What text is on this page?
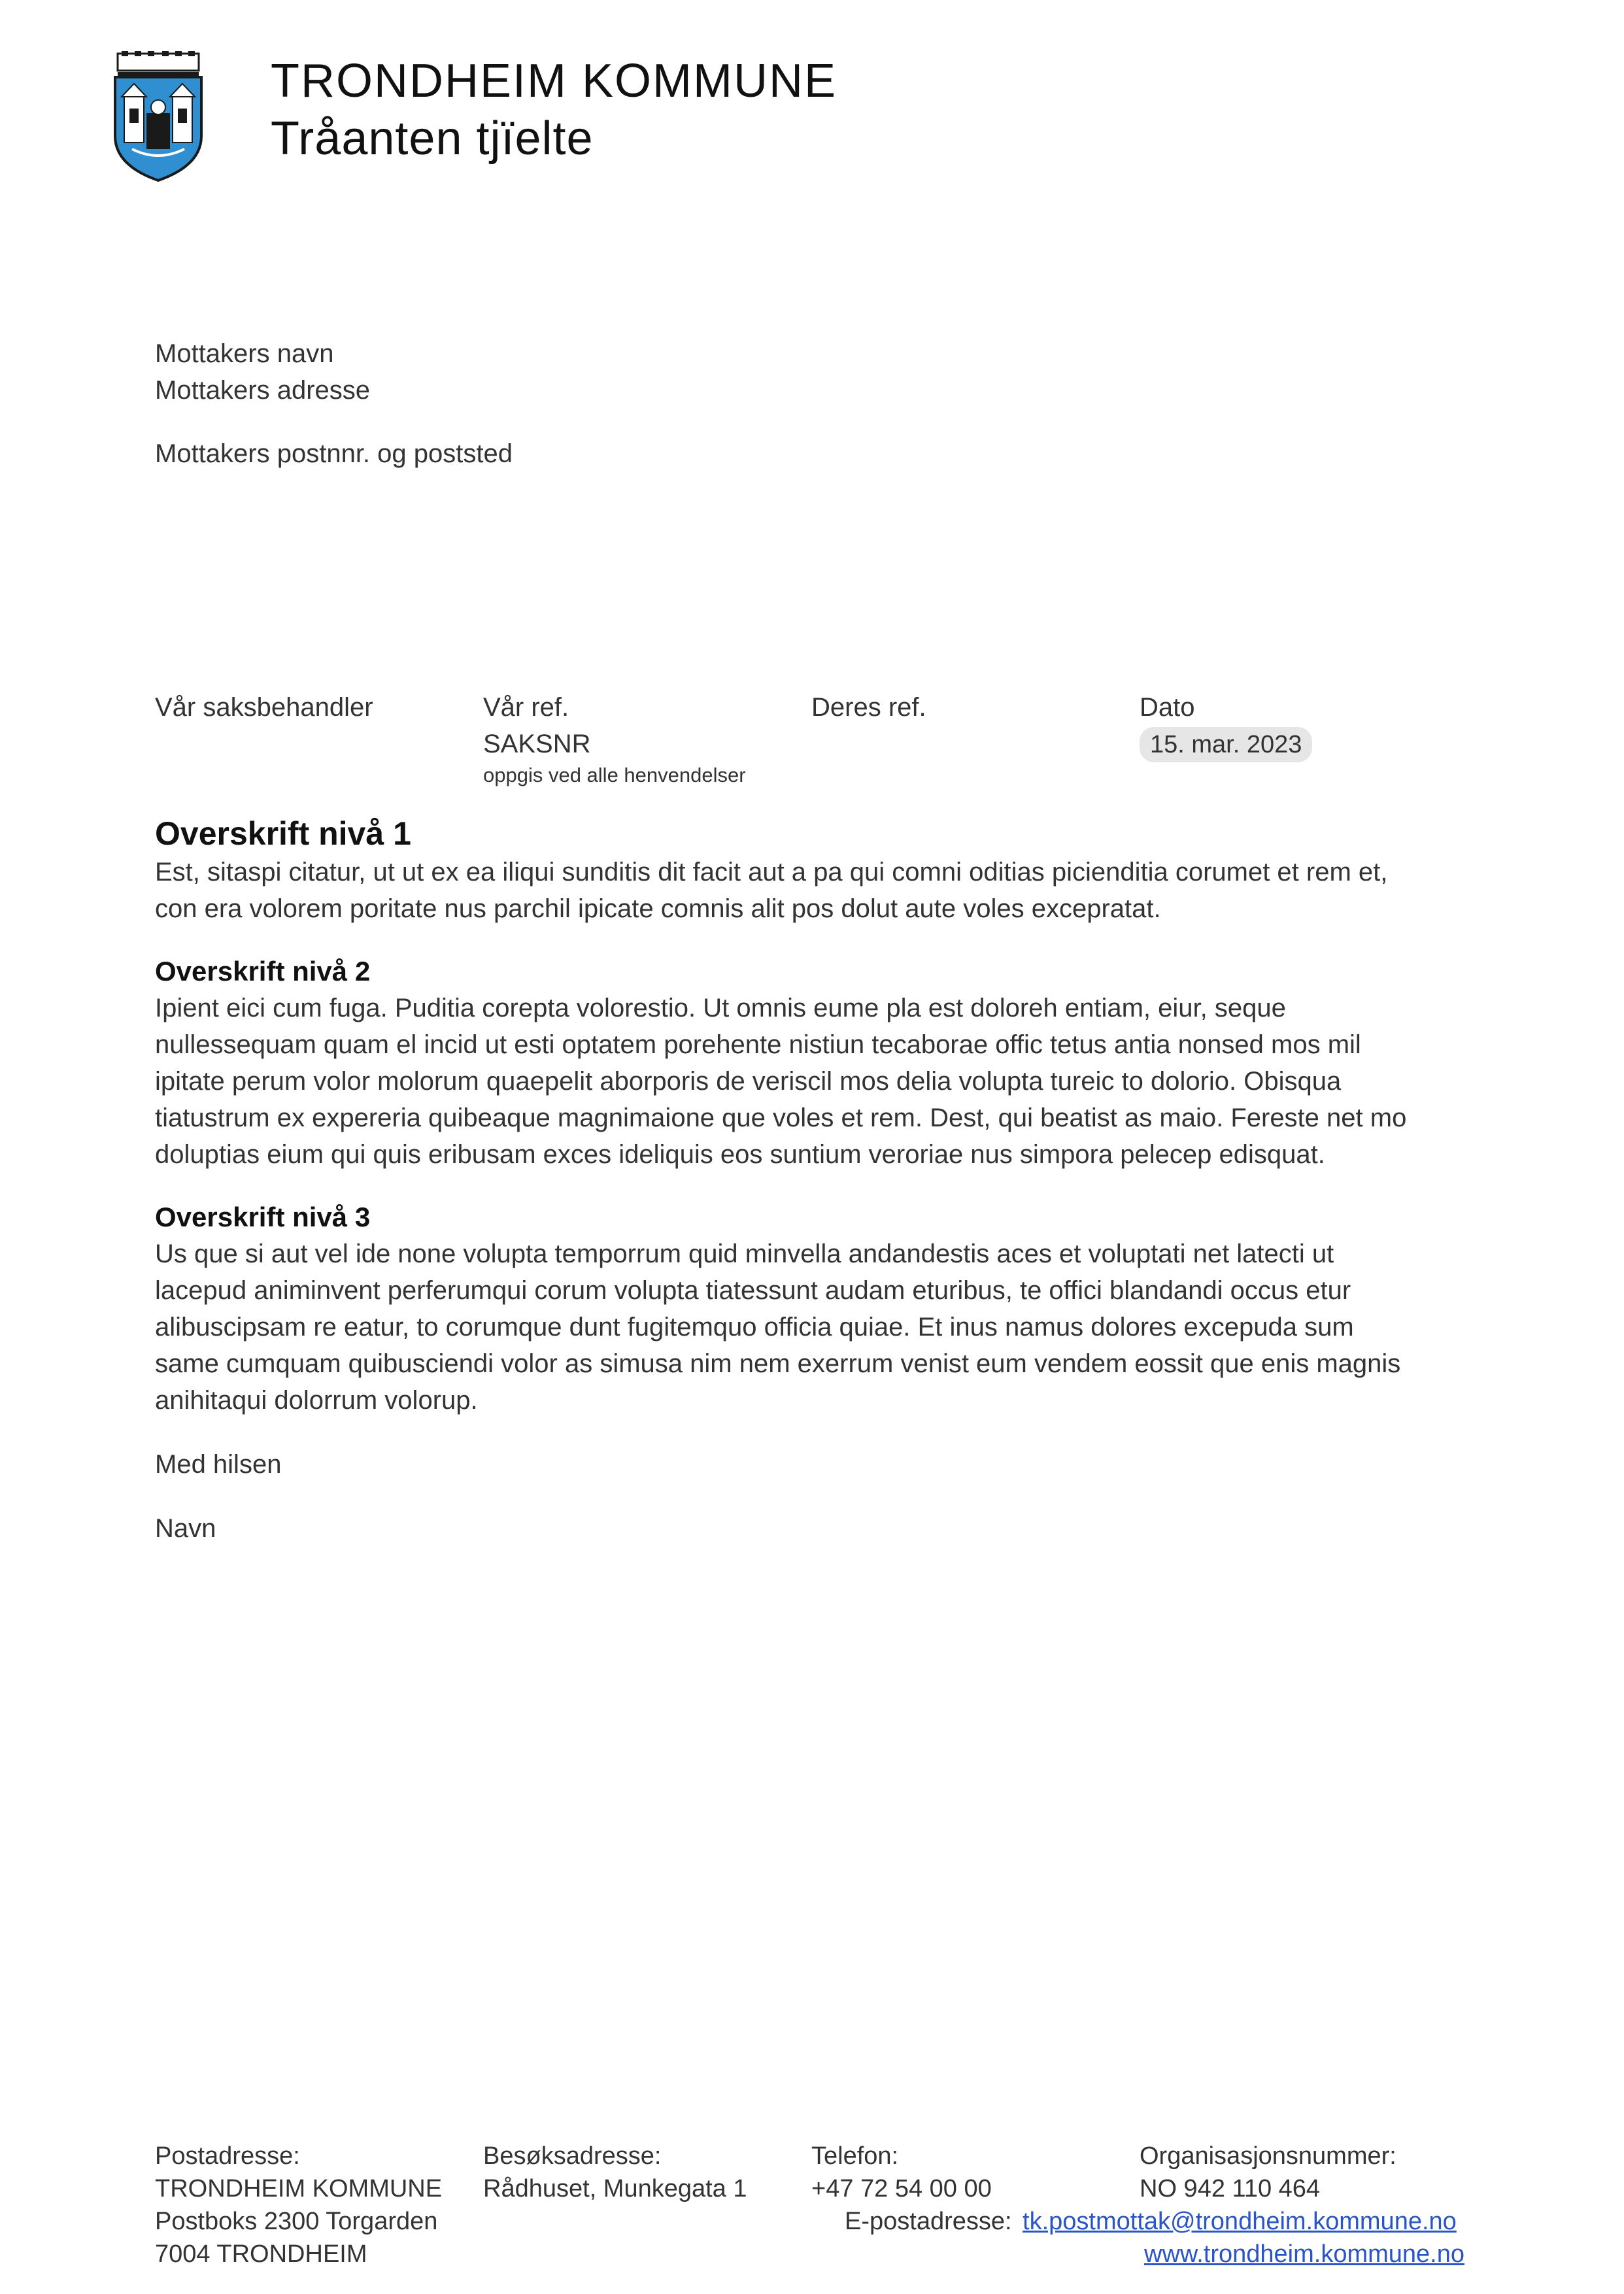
TRONDHEIM KOMMUNE
Tråanten tjïelte
Mottakers navn
Mottakers adresse
Mottakers postnnr. og poststed
Vår saksbehandler	Vår ref.
SAKSNR
oppgis ved alle henvendelser
Deres ref.	Dato
15. mar. 2023
Overskrift nivå 1

Est, sitaspi citatur, ut ut ex ea iliqui sunditis dit facit aut a pa qui comni oditias picienditia corumet et rem et,

con era volorem poritate nus parchil ipicate comnis alit pos dolut aute voles excepratat.

Overskrift nivå 2

Ipient eici cum fuga. Puditia corepta volorestio. Ut omnis eume pla est doloreh entiam, eiur, seque

nullessequam quam el incid ut esti optatem porehente nistiun tecaborae offic tetus antia nonsed mos mil

ipitate perum volor molorum quaepelit aborporis de veriscil mos delia volupta tureic to dolorio. Obisqua

tiatustrum ex expereria quibeaque magnimaione que voles et rem. Dest, qui beatist as maio. Fereste net mo

doluptias eium qui quis eribusam exces ideliquis eos suntium veroriae nus simpora pelecep edisquat.

Overskrift nivå 3

Us que si aut vel ide none volupta temporrum quid minvella andandestis aces et voluptati net latecti ut

lacepud animinvent perferumqui corum volupta tiatessunt audam eturibus, te offici blandandi occus etur

alibuscipsam re eatur, to corumque dunt fugitemquo officia quiae. Et inus namus dolores excepuda sum

same cumquam quibusciendi volor as simusa nim nem exerrum venist eum vendem eossit que enis magnis

anihitaqui dolorrum volorup.

Med hilsen

Navn

Postadresse:
TRONDHEIM KOMMUNE
Postboks 2300 Torgarden
7004 TRONDHEIM
Besøksadresse:
Rådhuset, Munkegata 1
Telefon:
+47 72 54 00 00
Organisasjonsnummer:
NO 942 110 464
E-postadresse: tk.postmottak@trondheim.kommune.no
www.trondheim.kommune.no
